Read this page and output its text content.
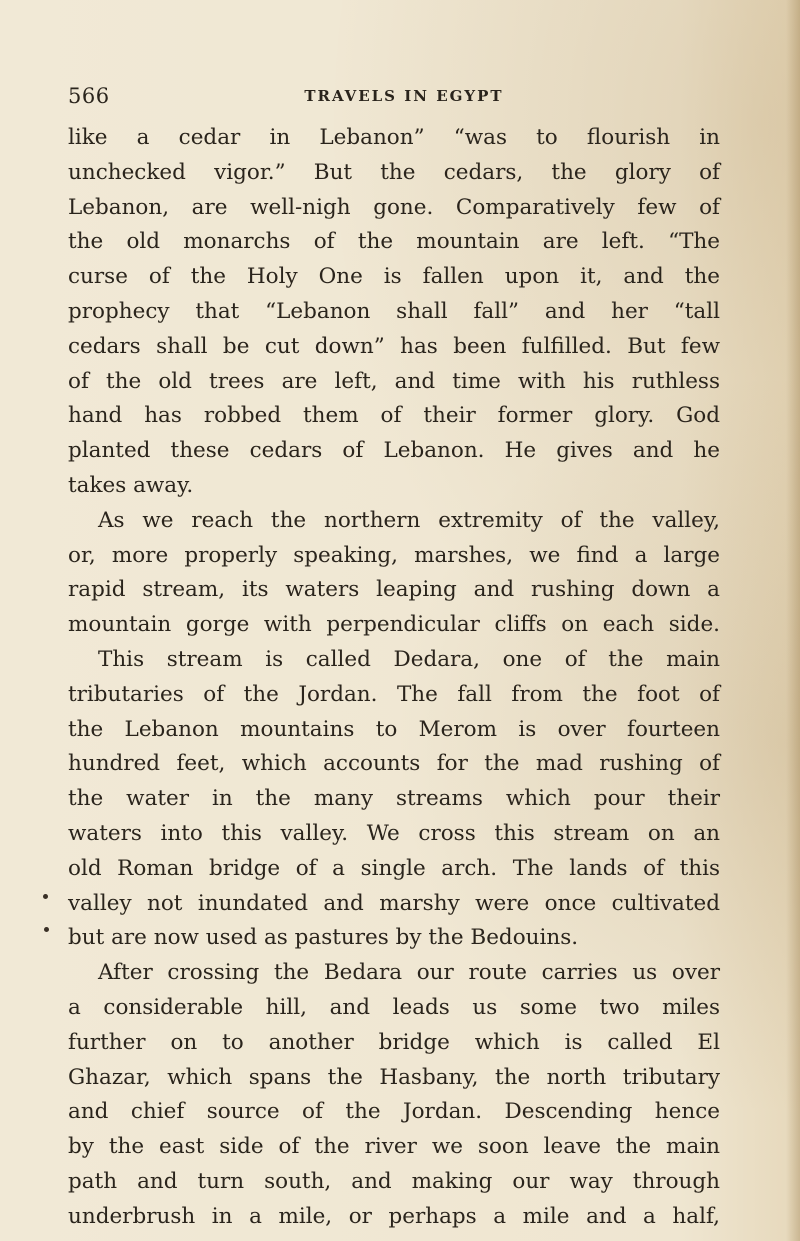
566	TRAVELS IN EGYPT
like a cedar in Lebanon” “was to flourish in
unchecked vigor.” But the cedars, the glory of
Lebanon, are well-nigh gone. Comparatively few of
the old monarchs of the mountain are left. “The
curse of the Holy One is fallen upon it, and the
prophecy that “Lebanon shall fall” and her “tall
cedars shall be cut down” has been fulfilled. But few
of the old trees are left, and time with his ruthless
hand has robbed them of their former glory. God
planted these cedars of Lebanon. He gives and he
takes away.
As we reach the northern extremity of the valley,
or, more properly speaking, marshes, we find a large
rapid stream, its waters leaping and rushing down a
mountain gorge with perpendicular cliffs on each side.
This stream is called Dedara, one of the main
tributaries of the Jordan. The fall from the foot of
the Lebanon mountains to Merom is over fourteen
hundred feet, which accounts for the mad rushing of
the water in the many streams which pour their
waters into this valley. We cross this stream on an
old Roman bridge of a single arch. The lands of this
valley not inundated and marshy were once cultivated
but are now used as pastures by the Bedouins.
After crossing the Bedara our route carries us over
a considerable hill, and leads us some two miles
further on to another bridge which is called El
Ghazar, which spans the Hasbany, the north tributary
and chief source of the Jordan. Descending hence
by the east side of the river we soon leave the main
path and turn south, and making our way through
underbrush in a mile, or perhaps a mile and a half,
